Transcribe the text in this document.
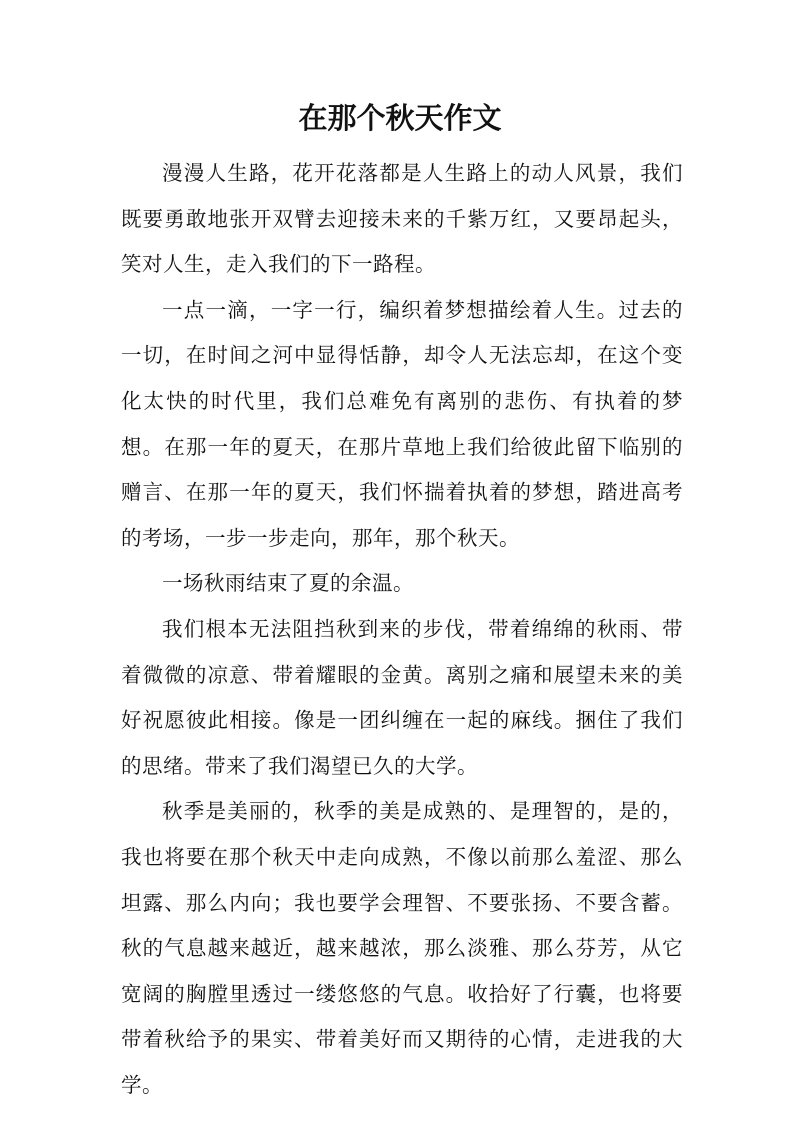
在那个秋天作文

漫漫人生路，花开花落都是人生路上的动人风景，我们既要勇敢地张开双臂去迎接未来的千紫万红，又要昂起头，笑对人生，走入我们的下一路程。

一点一滴，一字一行，编织着梦想描绘着人生。过去的一切，在时间之河中显得恬静，却令人无法忘却，在这个变化太快的时代里，我们总难免有离别的悲伤、有执着的梦想。在那一年的夏天，在那片草地上我们给彼此留下临别的赠言、在那一年的夏天，我们怀揣着执着的梦想，踏进高考的考场，一步一步走向，那年，那个秋天。

一场秋雨结束了夏的余温。

我们根本无法阻挡秋到来的步伐，带着绵绵的秋雨、带着微微的凉意、带着耀眼的金黄。离别之痛和展望未来的美好祝愿彼此相接。像是一团纠缠在一起的麻线。捆住了我们的思绪。带来了我们渴望已久的大学。

秋季是美丽的，秋季的美是成熟的、是理智的，是的，我也将要在那个秋天中走向成熟，不像以前那么羞涩、那么坦露、那么内向；我也要学会理智、不要张扬、不要含蓄。秋的气息越来越近，越来越浓，那么淡雅、那么芬芳，从它宽阔的胸膛里透过一缕悠悠的气息。收拾好了行囊，也将要带着秋给予的果实、带着美好而又期待的心情，走进我的大学。
